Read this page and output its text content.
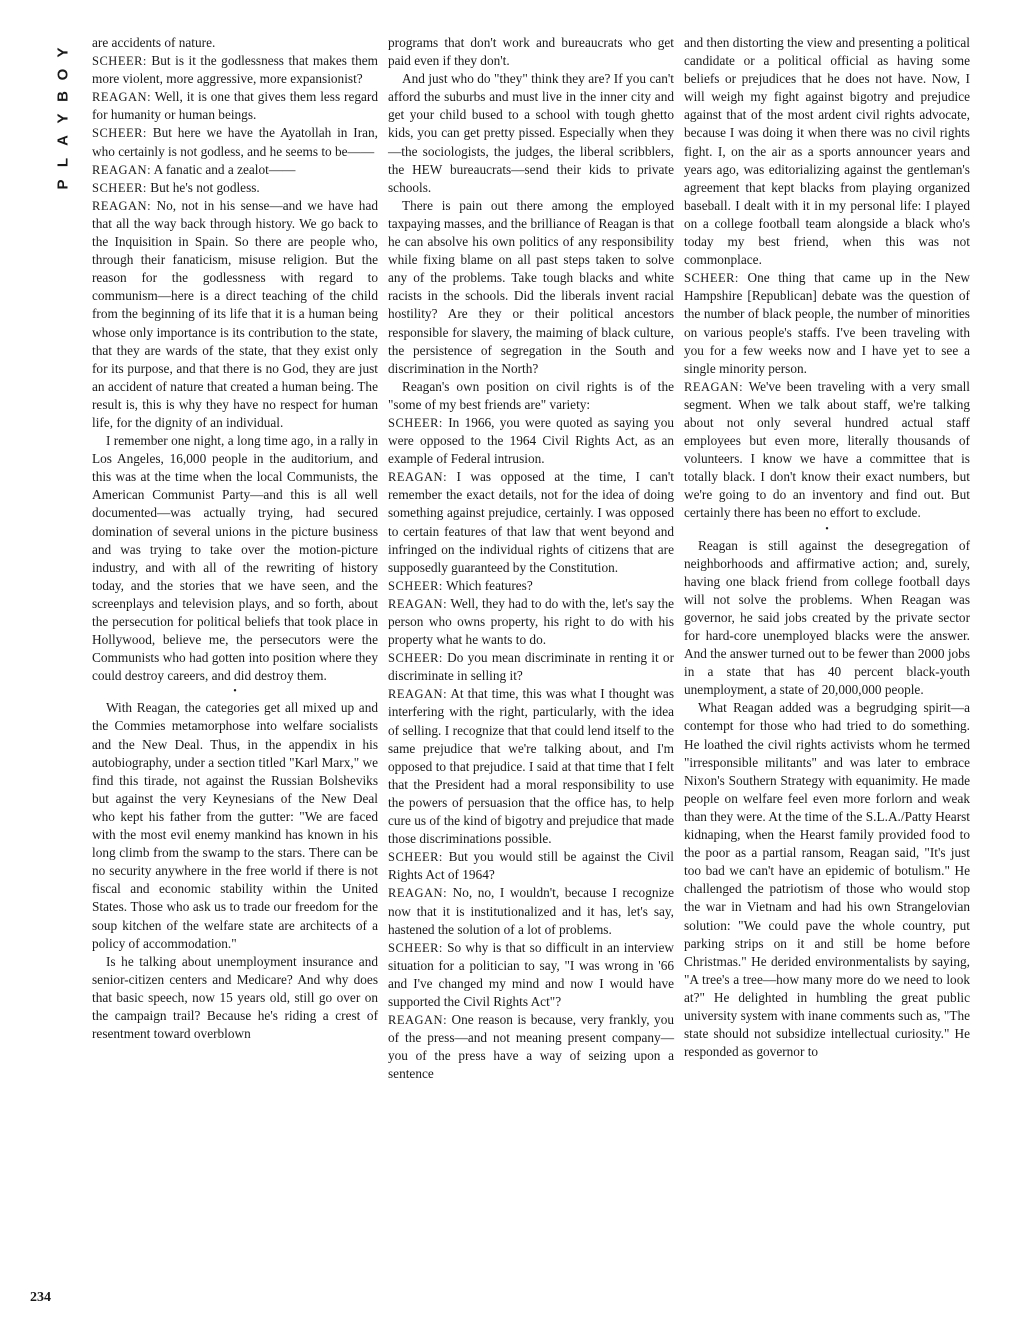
P
L
A
Y
B
O
Y
234

are accidents of nature.

SCHEER: But is it the godlessness that makes them more violent, more aggressive, more expansionist?

REAGAN: Well, it is one that gives them less regard for humanity or human beings.

SCHEER: But here we have the Ayatollah in Iran, who certainly is not godless, and he seems to be——

REAGAN: A fanatic and a zealot——

SCHEER: But he's not godless.

REAGAN: No, not in his sense—and we have had that all the way back through history. We go back to the Inquisition in Spain. So there are people who, through their fanaticism, misuse religion. But the reason for the godlessness with regard to communism—here is a direct teaching of the child from the beginning of its life that it is a human being whose only importance is its contribution to the state, that they are wards of the state, that they exist only for its purpose, and that there is no God, they are just an accident of nature that created a human being. The result is, this is why they have no respect for human life, for the dignity of an individual.

I remember one night, a long time ago, in a rally in Los Angeles, 16,000 people in the auditorium, and this was at the time when the local Communists, the American Communist Party—and this is all well documented—was actually trying, had secured domination of several unions in the picture business and was trying to take over the motion-picture industry, and with all of the rewriting of history today, and the stories that we have seen, and the screenplays and television plays, and so forth, about the persecution for political beliefs that took place in Hollywood, believe me, the persecutors were the Communists who had gotten into position where they could destroy careers, and did destroy them.

•

With Reagan, the categories get all mixed up and the Commies metamorphose into welfare socialists and the New Deal. Thus, in the appendix in his autobiography, under a section titled "Karl Marx," we find this tirade, not against the Russian Bolsheviks but against the very Keynesians of the New Deal who kept his father from the gutter: "We are faced with the most evil enemy mankind has known in his long climb from the swamp to the stars. There can be no security anywhere in the free world if there is not fiscal and economic stability within the United States. Those who ask us to trade our freedom for the soup kitchen of the welfare state are architects of a policy of accommodation."

Is he talking about unemployment insurance and senior-citizen centers and Medicare? And why does that basic speech, now 15 years old, still go over on the campaign trail? Because he's riding a crest of resentment toward overblown

programs that don't work and bureaucrats who get paid even if they don't.

And just who do "they" think they are? If you can't afford the suburbs and must live in the inner city and get your child bused to a school with tough ghetto kids, you can get pretty pissed. Especially when they—the sociologists, the judges, the liberal scribblers, the HEW bureaucrats—send their kids to private schools.

There is pain out there among the employed taxpaying masses, and the brilliance of Reagan is that he can absolve his own politics of any responsibility while fixing blame on all past steps taken to solve any of the problems. Take tough blacks and white racists in the schools. Did the liberals invent racial hostility? Are they or their political ancestors responsible for slavery, the maiming of black culture, the persistence of segregation in the South and discrimination in the North?

Reagan's own position on civil rights is of the "some of my best friends are" variety:

SCHEER: In 1966, you were quoted as saying you were opposed to the 1964 Civil Rights Act, as an example of Federal intrusion.

REAGAN: I was opposed at the time, I can't remember the exact details, not for the idea of doing something against prejudice, certainly. I was opposed to certain features of that law that went beyond and infringed on the individual rights of citizens that are supposedly guaranteed by the Constitution.

SCHEER: Which features?

REAGAN: Well, they had to do with the, let's say the person who owns property, his right to do with his property what he wants to do.

SCHEER: Do you mean discriminate in renting it or discriminate in selling it?

REAGAN: At that time, this was what I thought was interfering with the right, particularly, with the idea of selling. I recognize that that could lend itself to the same prejudice that we're talking about, and I'm opposed to that prejudice. I said at that time that I felt that the President had a moral responsibility to use the powers of persuasion that the office has, to help cure us of the kind of bigotry and prejudice that made those discriminations possible.

SCHEER: But you would still be against the Civil Rights Act of 1964?

REAGAN: No, no, I wouldn't, because I recognize now that it is institutionalized and it has, let's say, hastened the solution of a lot of problems.

SCHEER: So why is that so difficult in an interview situation for a politician to say, "I was wrong in '66 and I've changed my mind and now I would have supported the Civil Rights Act"?

REAGAN: One reason is because, very frankly, you of the press—and not meaning present company—you of the press have a way of seizing upon a sentence

and then distorting the view and presenting a political candidate or a political official as having some beliefs or prejudices that he does not have. Now, I will weigh my fight against bigotry and prejudice against that of the most ardent civil rights advocate, because I was doing it when there was no civil rights fight. I, on the air as a sports announcer years and years ago, was editorializing against the gentleman's agreement that kept blacks from playing organized baseball. I dealt with it in my personal life: I played on a college football team alongside a black who's today my best friend, when this was not commonplace.

SCHEER: One thing that came up in the New Hampshire [Republican] debate was the question of the number of black people, the number of minorities on various people's staffs. I've been traveling with you for a few weeks now and I have yet to see a single minority person.

REAGAN: We've been traveling with a very small segment. When we talk about staff, we're talking about not only several hundred actual staff employees but even more, literally thousands of volunteers. I know we have a committee that is totally black. I don't know their exact numbers, but we're going to do an inventory and find out. But certainly there has been no effort to exclude.

•

Reagan is still against the desegregation of neighborhoods and affirmative action; and, surely, having one black friend from college football days will not solve the problems. When Reagan was governor, he said jobs created by the private sector for hard-core unemployed blacks were the answer. And the answer turned out to be fewer than 2000 jobs in a state that has 40 percent black-youth unemployment, a state of 20,000,000 people.

What Reagan added was a begrudging spirit—a contempt for those who had tried to do something. He loathed the civil rights activists whom he termed "irresponsible militants" and was later to embrace Nixon's Southern Strategy with equanimity. He made people on welfare feel even more forlorn and weak than they were. At the time of the S.L.A./Patty Hearst kidnaping, when the Hearst family provided food to the poor as a partial ransom, Reagan said, "It's just too bad we can't have an epidemic of botulism." He challenged the patriotism of those who would stop the war in Vietnam and had his own Strangelovian solution: "We could pave the whole country, put parking strips on it and still be home before Christmas." He derided environmentalists by saying, "A tree's a tree—how many more do we need to look at?" He delighted in humbling the great public university system with inane comments such as, "The state should not subsidize intellectual curiosity." He responded as governor to
